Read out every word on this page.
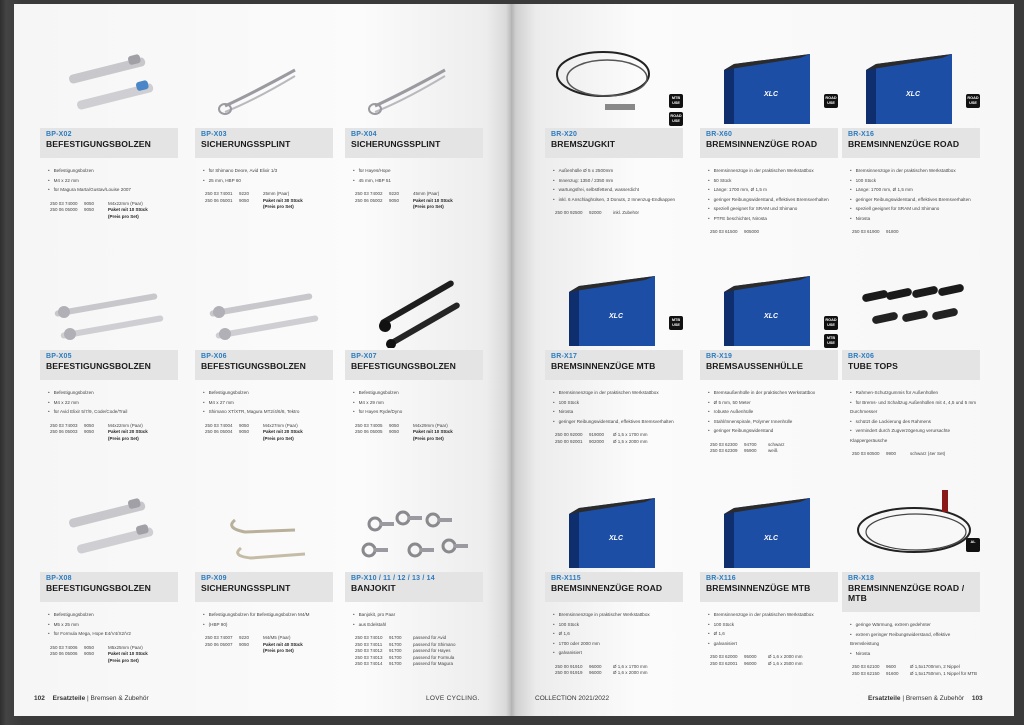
BP-X02
BEFESTIGUNGSBOLZEN
• Befestigungsbolzen
• M4 x 22 mm
• für Magura Marta/Gustav/Louise 2007
250 03 74000	9050	M4x22mm (Paar)
250 06 05000	9050	Paket mit 10 Stück
(Preis pro Set)
BP-X03
SICHERUNGSSPLINT
• für Shimano Deore, Avid Elixir 1/3
• 25 mm, HBP 60
250 03 74001	9220	25mm (Paar)
250 06 05001	9050	Paket mit 30 Stück
(Preis pro Set)
BP-X04
SICHERUNGSSPLINT
• für Hayes/Hope
• 45 mm, HBP 51
250 03 74002	9220	45mm (Paar)
250 06 05002	9050	Paket mit 10 Stück
(Preis pro Set)
BP-X05
BEFESTIGUNGSBOLZEN
• Befestigungsbolzen
• M4 x 22 mm
• für Avid Elixir 5/7/9, Code/Code/Trail
250 03 74003	9050	M4x22mm (Paar)
250 06 05003	9050	Paket mit 20 Stück
(Preis pro Set)
BP-X06
BEFESTIGUNGSBOLZEN
• Befestigungsbolzen
• M4 x 27 mm
• Shimano XT/XTR, Magura MT2/4/6/8, Tektro
250 03 74004	9050	M4x27mm (Paar)
250 06 05004	9050	Paket mit 20 Stück
(Preis pro Set)
BP-X07
BEFESTIGUNGSBOLZEN
• Befestigungsbolzen
• M4 x 29 mm
• für Hayes Ryde/Dyno
250 03 74005	9050	M4x29mm (Paar)
250 06 05005	9050	Paket mit 10 Stück
(Preis pro Set)
BP-X08
BEFESTIGUNGSBOLZEN
• Befestigungsbolzen
• M5 x 25 mm
• für Formula Mega, Hope E4/V4/X2/V2
250 03 74006	9050	M5x25mm (Paar)
250 06 05006	9050	Paket mit 10 Stück
(Preis pro Set)
BP-X09
SICHERUNGSSPLINT
• Befestigungsbolzen für Befestigungsbolzen M4/M
• (HBP 90)
250 03 74007	9220	M4/M5 (Paar)
250 06 05007	9050	Paket mit 40 Stück
(Preis pro Set)
BP-X10 / 11 / 12 / 13 / 14
BANJOKIT
• Banjokit, pro Paar
• aus Edelstahl
250 03 74010	91700	passend für Avid
250 03 74011	91700	passend für Shimano
250 03 74012	91700	passend für Hayes
250 03 74013	91700	passend für Formula
250 03 74014	91700	passend für Magura
BR-X20
BREMSZUGKIT
• Außenhülle Ø 5 x 2500mm
• Innenzug: 1350 / 2350 mm
• wartungsfrei, selbstfettend, wasserdicht
• inkl. 6 Anschlaghülsen, 3 Donuts, 2 Innenzug-Endkappen
250 00 92500	92000	inkl. Zubehör
MTB USE
ROAD USE
XLC
BR-X60
BREMSINNENZÜGE ROAD
• Bremsinnenzüge in der praktischen Werkstattbox
• 50 Stück
• Länge: 1700 mm, Ø 1,5 m
• geringer Reibungswiderstand, effektives Bremsverhalten
• speziell geeignet für SRAM und Shimano
• PTFE beschichtet, Nirosta
250 03 61500	905000
ROAD USE
XLC
BR-X16
BREMSINNENZÜGE ROAD
• Bremsinnenzüge in der praktischen Werkstattbox
• 100 Stück
• Länge: 1700 mm, Ø 1,5 mm
• geringer Reibungswiderstand, effektives Bremsverhalten
• speziell geeignet für SRAM und Shimano
• Nirosta
250 03 61900	91800
ROAD USE
XLC
BR-X17
BREMSINNENZÜGE MTB
• Bremsinnenzüge in der praktischen Werkstattbox
• 100 Stück
• Nirosta
• geringer Reibungswiderstand, effektives Bremsverhalten
250 00 92000	919000	Ø 1,5 x 1700 mm
250 00 92001	902000	Ø 1,5 x 2000 mm
MTB USE
XLC
BR-X19
BREMSAUSSENHÜLLE
• Bremsaußenhülle in der praktischen Werkstattbox
• Ø 5 mm, 50 Meter
• robuste Außenhülle
• Stahl/Innenspirale, Polymer Innenhülle
• geringer Reibungswiderstand
250 03 62300	94700	schwarz
250 03 62309	95900	weiß
ROAD USE
MTB USE
BR-X06
TUBE TOPS
• Rahmen-Schutzgummis für Außenhüllen
• für Brems- und Schaltzug Außenhüllen mit 4, 4,5 und 5 mm Durchmesser
• schützt die Lackierung des Rahmens
• vermindert durch Zugverzögerung verursachte Klappergeräusche
250 03 60500	9900	schwarz (4er Set)
XLC
BR-X115
BREMSINNENZÜGE ROAD
• Bremsinnenzüge in praktischer Werkstattbox
• 100 Stück
• Ø 1,6
• 1700 oder 2000 mm
• galvanisiert
250 00 91910	96000	Ø 1,6 x 1700 mm
250 00 91919	96000	Ø 1,6 x 2000 mm
XLC
BR-X116
BREMSINNENZÜGE MTB
• Bremsinnenzüge in der praktischen Werkstattbox
• 100 Stück
• Ø 1,6
• galvanisiert
250 03 62000	95000	Ø 1,6 x 2000 mm
250 03 62001	96000	Ø 1,6 x 2500 mm
BR-X18
BREMSINNENZÜGE ROAD / MTB
• geringe Wärmung, extrem gedehnter
• extrem geringer Reibungswiderstand, effektive Bremsleistung
• Nirosta
250 03 62100	9600	Ø 1,5x1700mm, 2 Nippel
250 03 62150	91600	Ø 1,5x1750mm, 1 Nippel für MTB
AL
102 Ersatzteile | Bremsen & Zubehör	LOVE CYCLING.	COLLECTION 2021/2022	Ersatzteile | Bremsen & Zubehör 103
